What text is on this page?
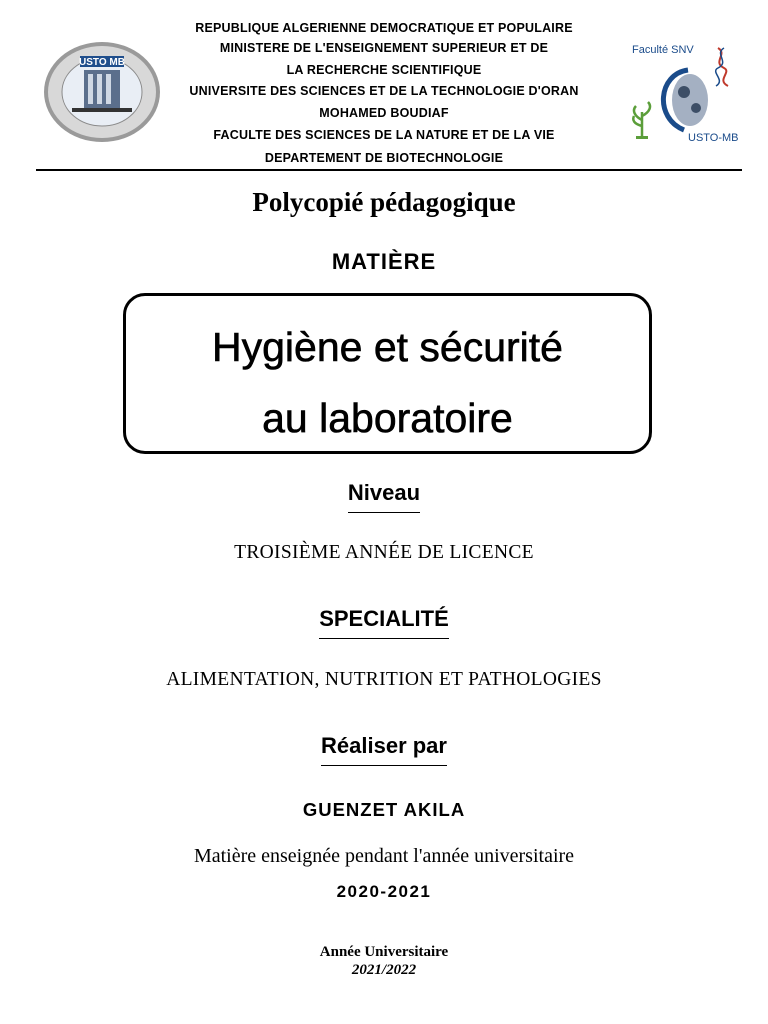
USTO MB
REPUBLIQUE ALGERIENNE DEMOCRATIQUE ET POPULAIRE
MINISTERE DE L'ENSEIGNEMENT SUPERIEUR ET DE
LA RECHERCHE SCIENTIFIQUE
UNIVERSITE DES SCIENCES ET DE LA TECHNOLOGIE D'ORAN
MOHAMED BOUDIAF
FACULTE DES SCIENCES DE LA NATURE ET DE LA VIE
DEPARTEMENT DE BIOTECHNOLOGIE
Faculté SNV
USTO-MB
Polycopié pédagogique
MATIÈRE
Hygiène et sécurité
au laboratoire
Niveau
TROISIÈME ANNÉE DE LICENCE
SPECIALITÉ
ALIMENTATION, NUTRITION ET PATHOLOGIES
Réaliser par
GUENZET AKILA
Matière enseignée pendant l'année universitaire
2020-2021
Année Universitaire
2021/2022
